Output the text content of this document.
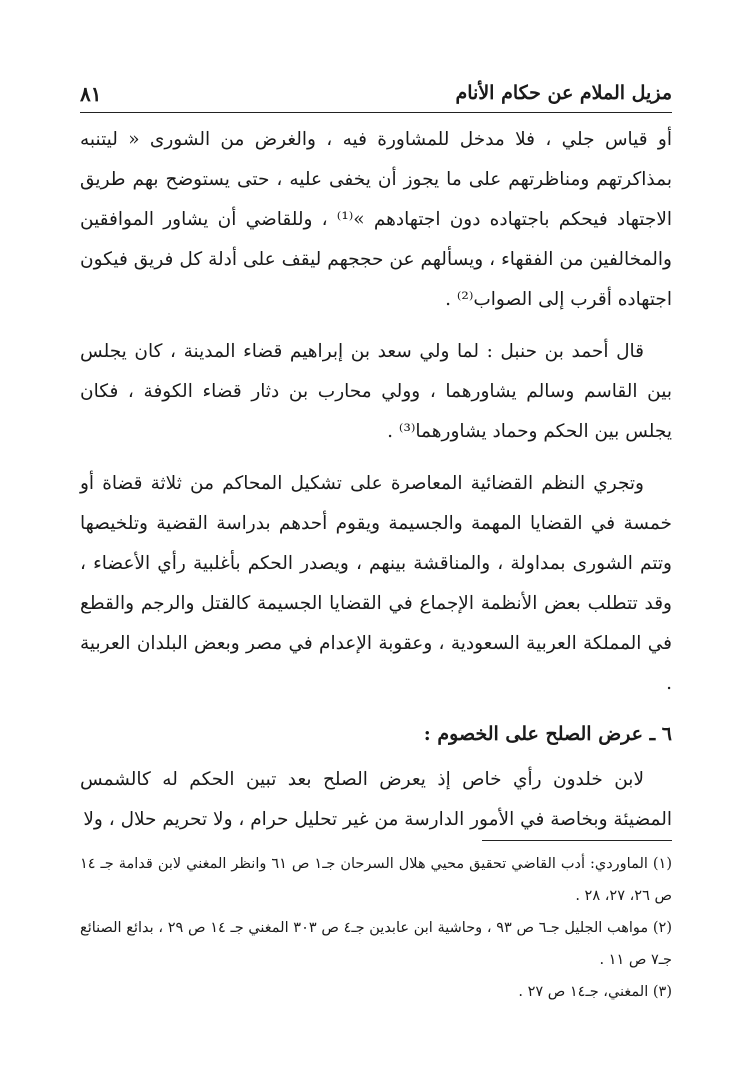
مزيل الملام عن حكام الأنام
٨١

أو قياس جلي ، فلا مدخل للمشاورة فيه ، والغرض من الشورى « ليتنبه بمذاكرتهم ومناظرتهم على ما يجوز أن يخفى عليه ، حتى يستوضح بهم طريق الاجتهاد فيحكم باجتهاده دون اجتهادهم »⁽¹⁾ ، وللقاضي أن يشاور الموافقين والمخالفين من الفقهاء ، ويسألهم عن حججهم ليقف على أدلة كل فريق فيكون اجتهاده أقرب إلى الصواب⁽²⁾ .

قال أحمد بن حنبل : لما ولي سعد بن إبراهيم قضاء المدينة ، كان يجلس بين القاسم وسالم يشاورهما ، وولي محارب بن دثار قضاء الكوفة ، فكان يجلس بين الحكم وحماد يشاورهما⁽³⁾ .

وتجري النظم القضائية المعاصرة على تشكيل المحاكم من ثلاثة قضاة أو خمسة في القضايا المهمة والجسيمة ويقوم أحدهم بدراسة القضية وتلخيصها وتتم الشورى بمداولة ، والمناقشة بينهم ، ويصدر الحكم بأغلبية رأي الأعضاء ، وقد تتطلب بعض الأنظمة الإجماع في القضايا الجسيمة كالقتل والرجم والقطع في المملكة العربية السعودية ، وعقوبة الإعدام في مصر وبعض البلدان العربية .

٦ ـ عرض الصلح على الخصوم :

لابن خلدون رأي خاص إذ يعرض الصلح بعد تبين الحكم له كالشمس المضيئة وبخاصة في الأمور الدارسة من غير تحليل حرام ، ولا تحريم حلال ، ولا

(١) الماوردي: أدب القاضي تحقيق محيي هلال السرحان جـ١ ص ٦١ وانظر المغني لابن قدامة جـ ١٤ ص ٢٦، ٢٧، ٢٨ .

(٢) مواهب الجليل جـ٦ ص ٩٣ ، وحاشية ابن عابدين جـ٤ ص ٣٠٣ المغني جـ ١٤ ص ٢٩ ، بدائع الصنائع جـ٧ ص ١١ .

(٣) المغني، جـ١٤ ص ٢٧ .
